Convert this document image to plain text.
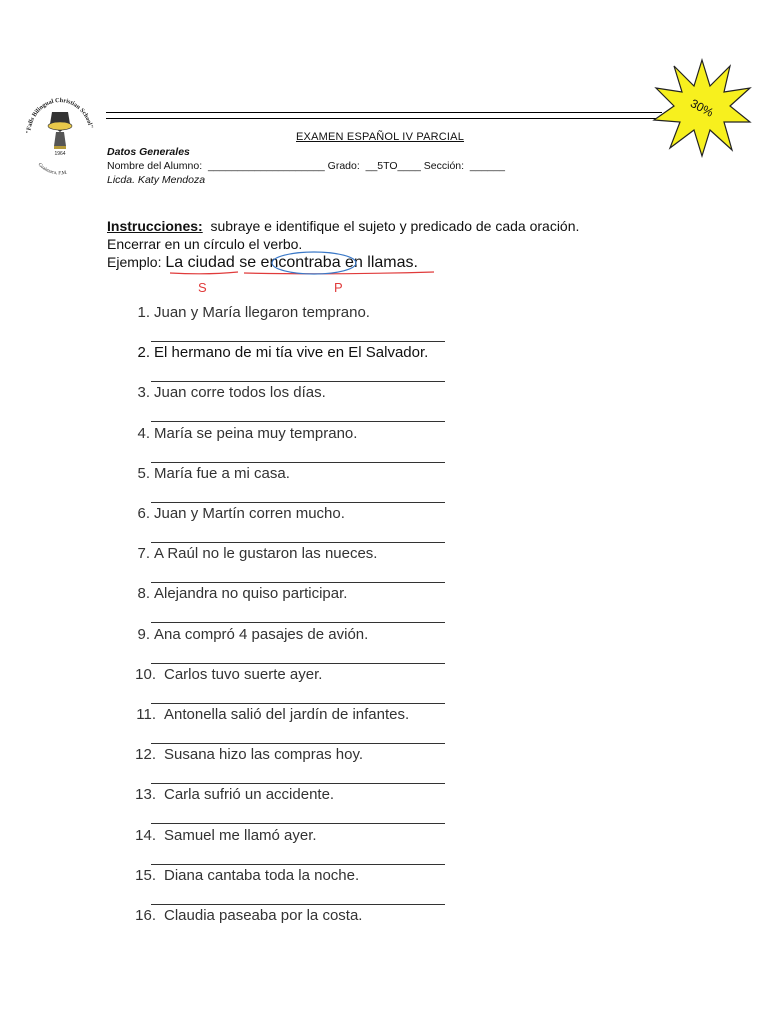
"Falls Bilingual Christian School"
1964
Guaimaca, F.M.
30%
EXAMEN ESPAÑOL IV PARCIAL
Datos Generales
Nombre del Alumno:  ____________________ Grado:  __5TO____ Sección:  ______
Licda. Katy Mendoza
Instrucciones:  subraye e identifique el sujeto y predicado de cada oración.
Encerrar en un círculo el verbo.
Ejemplo: La ciudad se encontraba en llamas.
S	P
1. Juan y María llegaron temprano.
2. El hermano de mi tía vive en El Salvador.
3. Juan corre todos los días.
4. María se peina muy temprano.
5. María fue a mi casa.
6. Juan y Martín corren mucho.
7. A Raúl no le gustaron las nueces.
8. Alejandra no quiso participar.
9. Ana compró 4 pasajes de avión.
10. Carlos tuvo suerte ayer.
11. Antonella salió del jardín de infantes.
12. Susana hizo las compras hoy.
13. Carla sufrió un accidente.
14. Samuel me llamó ayer.
15. Diana cantaba toda la noche.
16. Claudia paseaba por la costa.
